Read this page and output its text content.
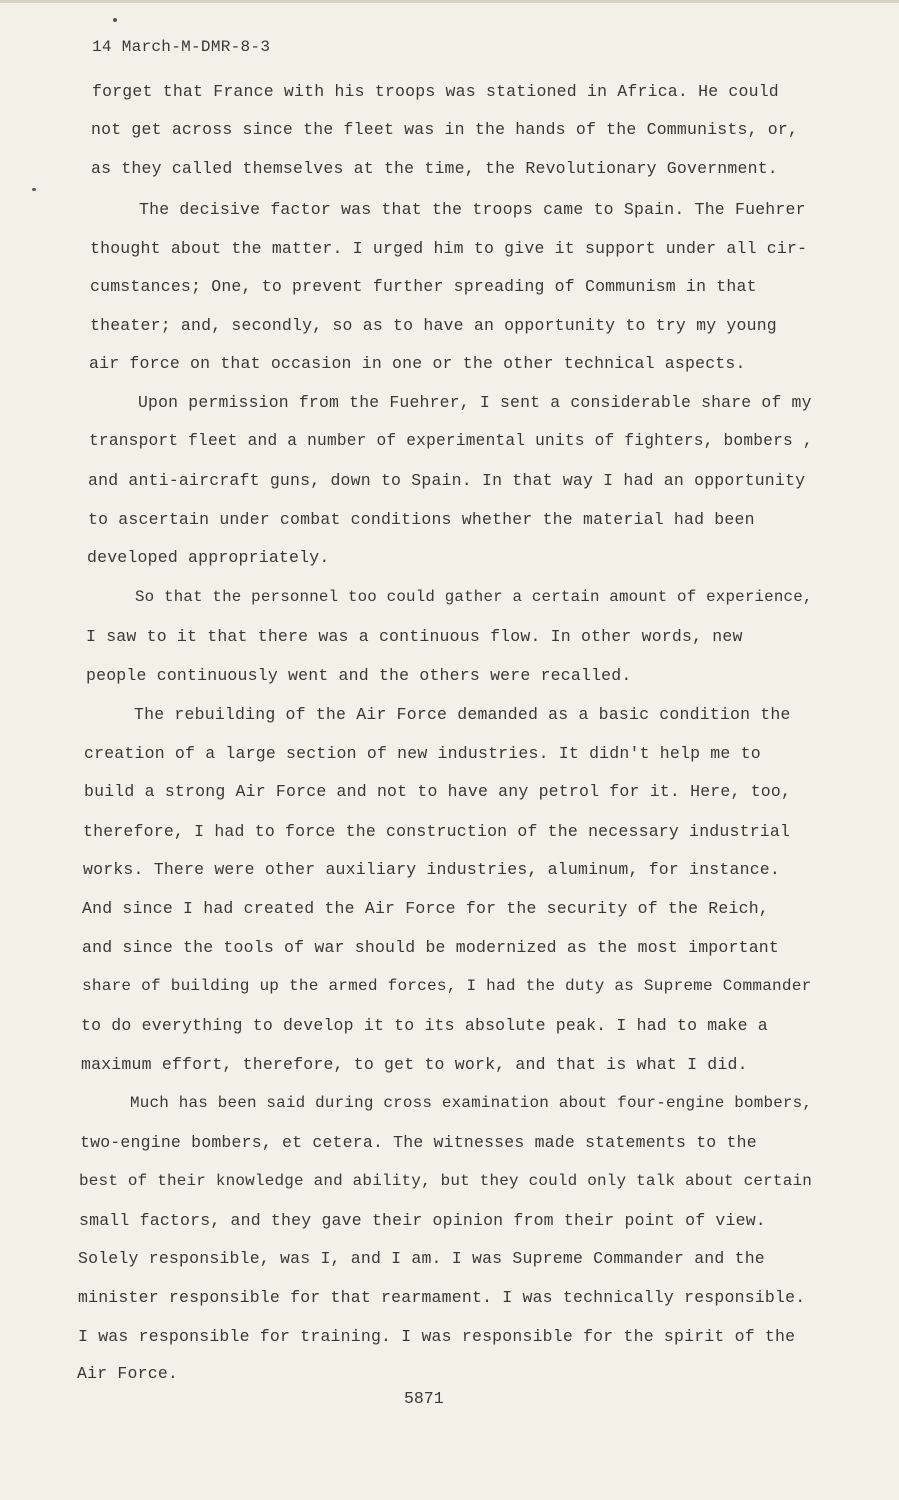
14 March-M-DMR-8-3
forget that France with his troops was stationed in Africa. He could
not get across since the fleet was in the hands of the Communists, or,
as they called themselves at the time, the Revolutionary Government.
The decisive factor was that the troops came to Spain. The Fuehrer
thought about the matter. I urged him to give it support under all cir-
cumstances; One, to prevent further spreading of Communism in that
theater; and, secondly, so as to have an opportunity to try my young
air force on that occasion in one or the other technical aspects.
Upon permission from the Fuehrer, I sent a considerable share of my
transport fleet and a number of experimental units of fighters, bombers ,
and anti-aircraft guns, down to Spain. In that way I had an opportunity
to ascertain under combat conditions whether the material had been
developed appropriately.
So that the personnel too could gather a certain amount of experience,
I saw to it that there was a continuous flow. In other words, new
people continuously went and the others were recalled.
The rebuilding of the Air Force demanded as a basic condition the
creation of a large section of new industries. It didn't help me to
build a strong Air Force and not to have any petrol for it. Here, too,
therefore, I had to force the construction of the necessary industrial
works. There were other auxiliary industries, aluminum, for instance.
And since I had created the Air Force for the security of the Reich,
and since the tools of war should be modernized as the most important
share of building up the armed forces, I had the duty as Supreme Commander
to do everything to develop it to its absolute peak. I had to make a
maximum effort, therefore, to get to work, and that is what I did.
Much has been said during cross examination about four-engine bombers,
two-engine bombers, et cetera. The witnesses made statements to the
best of their knowledge and ability, but they could only talk about certain
small factors, and they gave their opinion from their point of view.
Solely responsible, was I, and I am. I was Supreme Commander and the
minister responsible for that rearmament. I was technically responsible.
I was responsible for training. I was responsible for the spirit of the
Air Force.
5871
